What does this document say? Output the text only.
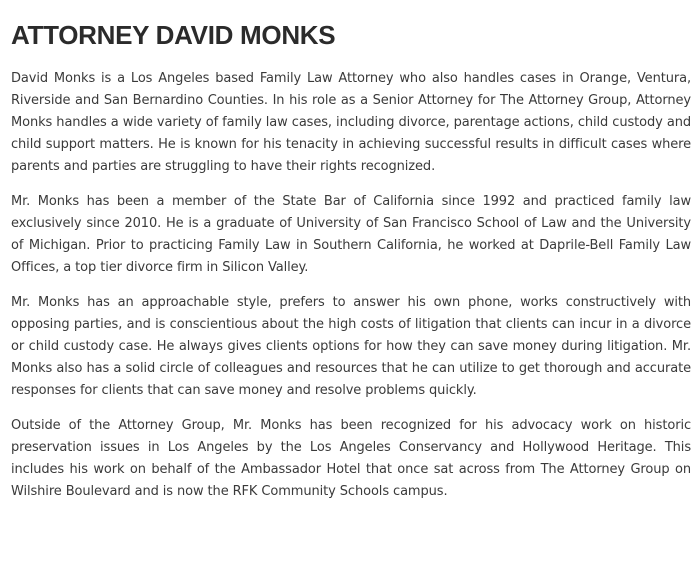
ATTORNEY DAVID MONKS

David Monks is a Los Angeles based Family Law Attorney who also handles cases in Orange, Ventura, Riverside and San Bernardino Counties. In his role as a Senior Attorney for The Attorney Group, Attorney Monks handles a wide variety of family law cases, including divorce, parentage actions, child custody and child support matters. He is known for his tenacity in achieving successful results in difficult cases where parents and parties are struggling to have their rights recognized.

Mr. Monks has been a member of the State Bar of California since 1992 and practiced family law exclusively since 2010. He is a graduate of University of San Francisco School of Law and the University of Michigan. Prior to practicing Family Law in Southern California, he worked at Daprile-Bell Family Law Offices, a top tier divorce firm in Silicon Valley.

Mr. Monks has an approachable style, prefers to answer his own phone, works constructively with opposing parties, and is conscientious about the high costs of litigation that clients can incur in a divorce or child custody case. He always gives clients options for how they can save money during litigation. Mr. Monks also has a solid circle of colleagues and resources that he can utilize to get thorough and accurate responses for clients that can save money and resolve problems quickly.

Outside of the Attorney Group, Mr. Monks has been recognized for his advocacy work on historic preservation issues in Los Angeles by the Los Angeles Conservancy and Hollywood Heritage. This includes his work on behalf of the Ambassador Hotel that once sat across from The Attorney Group on Wilshire Boulevard and is now the RFK Community Schools campus.
